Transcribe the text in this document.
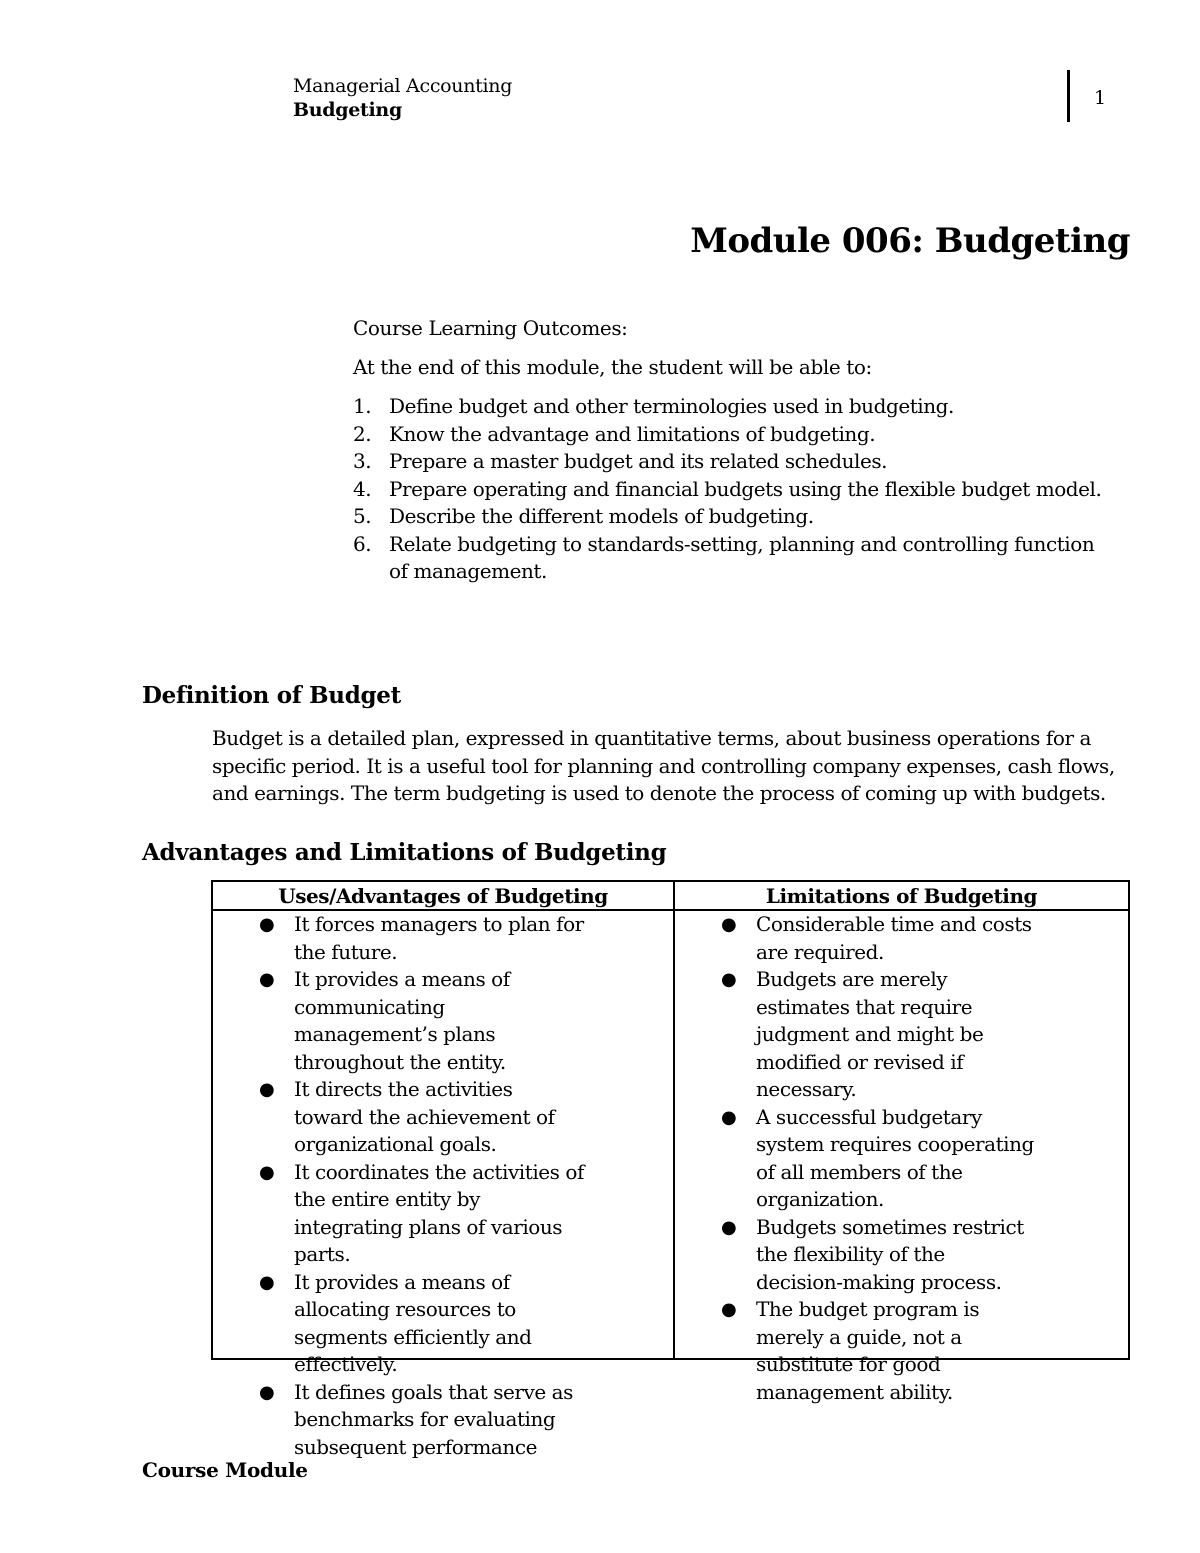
Managerial Accounting
Budgeting
1
Module 006: Budgeting
Course Learning Outcomes:
At the end of this module, the student will be able to:
1. Define budget and other terminologies used in budgeting.
2. Know the advantage and limitations of budgeting.
3. Prepare a master budget and its related schedules.
4. Prepare operating and financial budgets using the flexible budget model.
5. Describe the different models of budgeting.
6. Relate budgeting to standards-setting, planning and controlling function of management.
Definition of Budget

Budget is a detailed plan, expressed in quantitative terms, about business operations for a specific period. It is a useful tool for planning and controlling company expenses, cash flows, and earnings. The term budgeting is used to denote the process of coming up with budgets.

Advantages and Limitations of Budgeting
Uses/Advantages of Budgeting
● It forces managers to plan for the future.
● It provides a means of communicating management’s plans throughout the entity.
● It directs the activities toward the achievement of organizational goals.
● It coordinates the activities of the entire entity by integrating plans of various parts.
● It provides a means of allocating resources to segments efficiently and effectively.
● It defines goals that serve as benchmarks for evaluating subsequent performance
Limitations of Budgeting
● Considerable time and costs are required.
● Budgets are merely estimates that require judgment and might be modified or revised if necessary.
● A successful budgetary system requires cooperating of all members of the organization.
● Budgets sometimes restrict the flexibility of the decision-making process.
● The budget program is merely a guide, not a substitute for good management ability.
Course Module
